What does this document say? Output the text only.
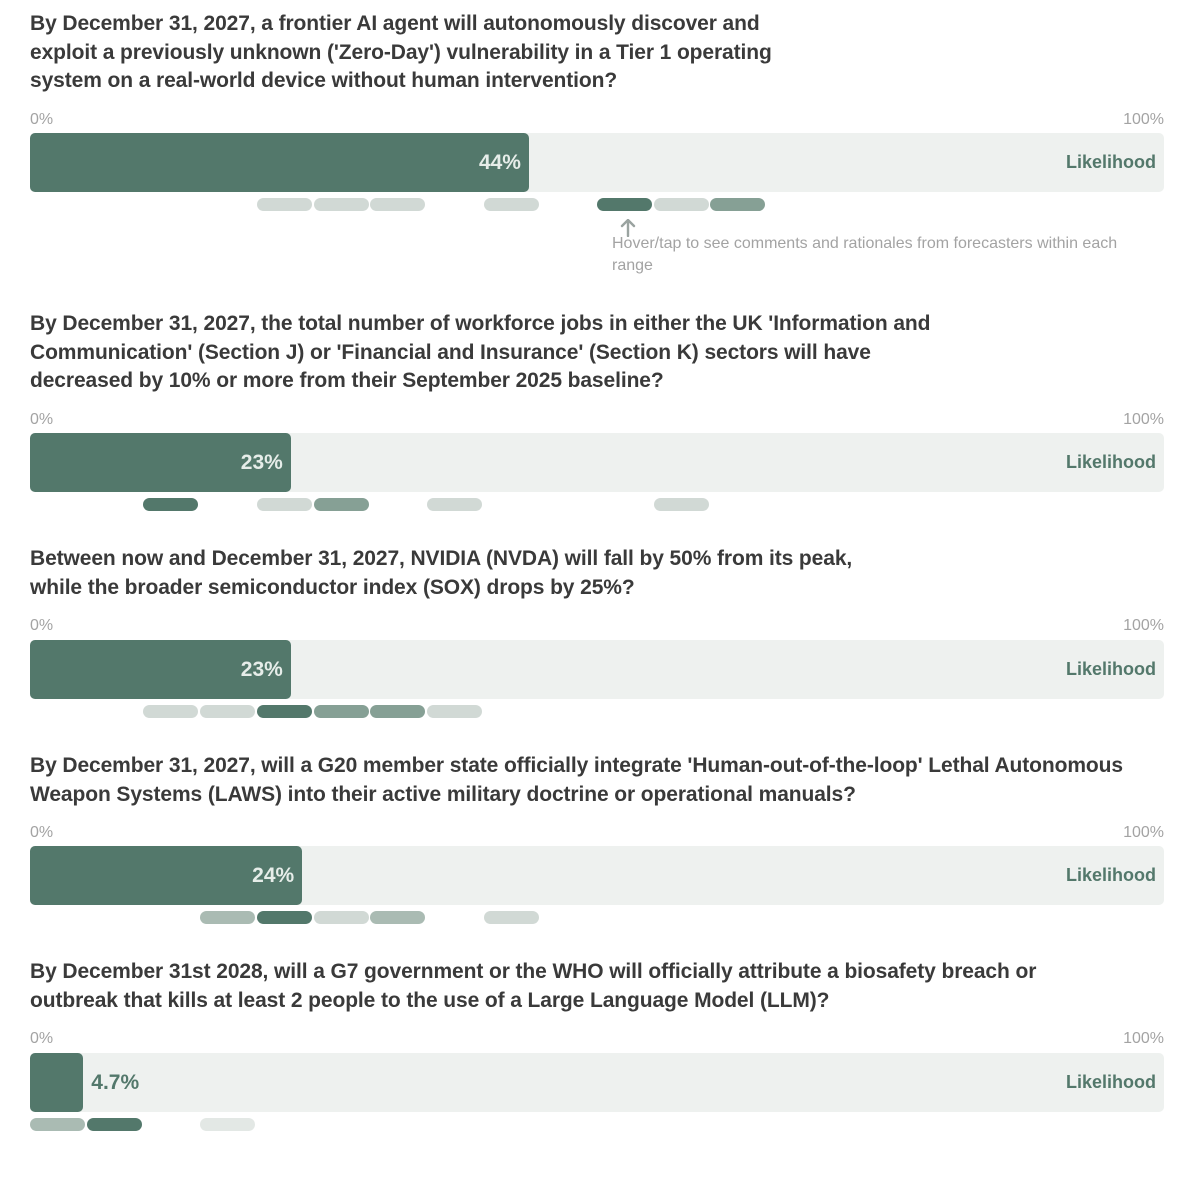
By December 31, 2027, a frontier AI agent will autonomously discover and exploit a previously unknown ('Zero-Day') vulnerability in a Tier 1 operating system on a real-world device without human intervention?
0%	100%
44%	Likelihood
Hover/tap to see comments and rationales from forecasters within each range
By December 31, 2027, the total number of workforce jobs in either the UK 'Information and Communication' (Section J) or 'Financial and Insurance' (Section K) sectors will have decreased by 10% or more from their September 2025 baseline?
0%	100%
23%	Likelihood
Between now and December 31, 2027, NVIDIA (NVDA) will fall by 50% from its peak, while the broader semiconductor index (SOX) drops by 25%?
0%	100%
23%	Likelihood
By December 31, 2027, will a G20 member state officially integrate 'Human-out-of-the-loop' Lethal Autonomous Weapon Systems (LAWS) into their active military doctrine or operational manuals?
0%	100%
24%	Likelihood
By December 31st 2028, will a G7 government or the WHO will officially attribute a biosafety breach or outbreak that kills at least 2 people to the use of a Large Language Model (LLM)?
0%	100%
4.7%	Likelihood
